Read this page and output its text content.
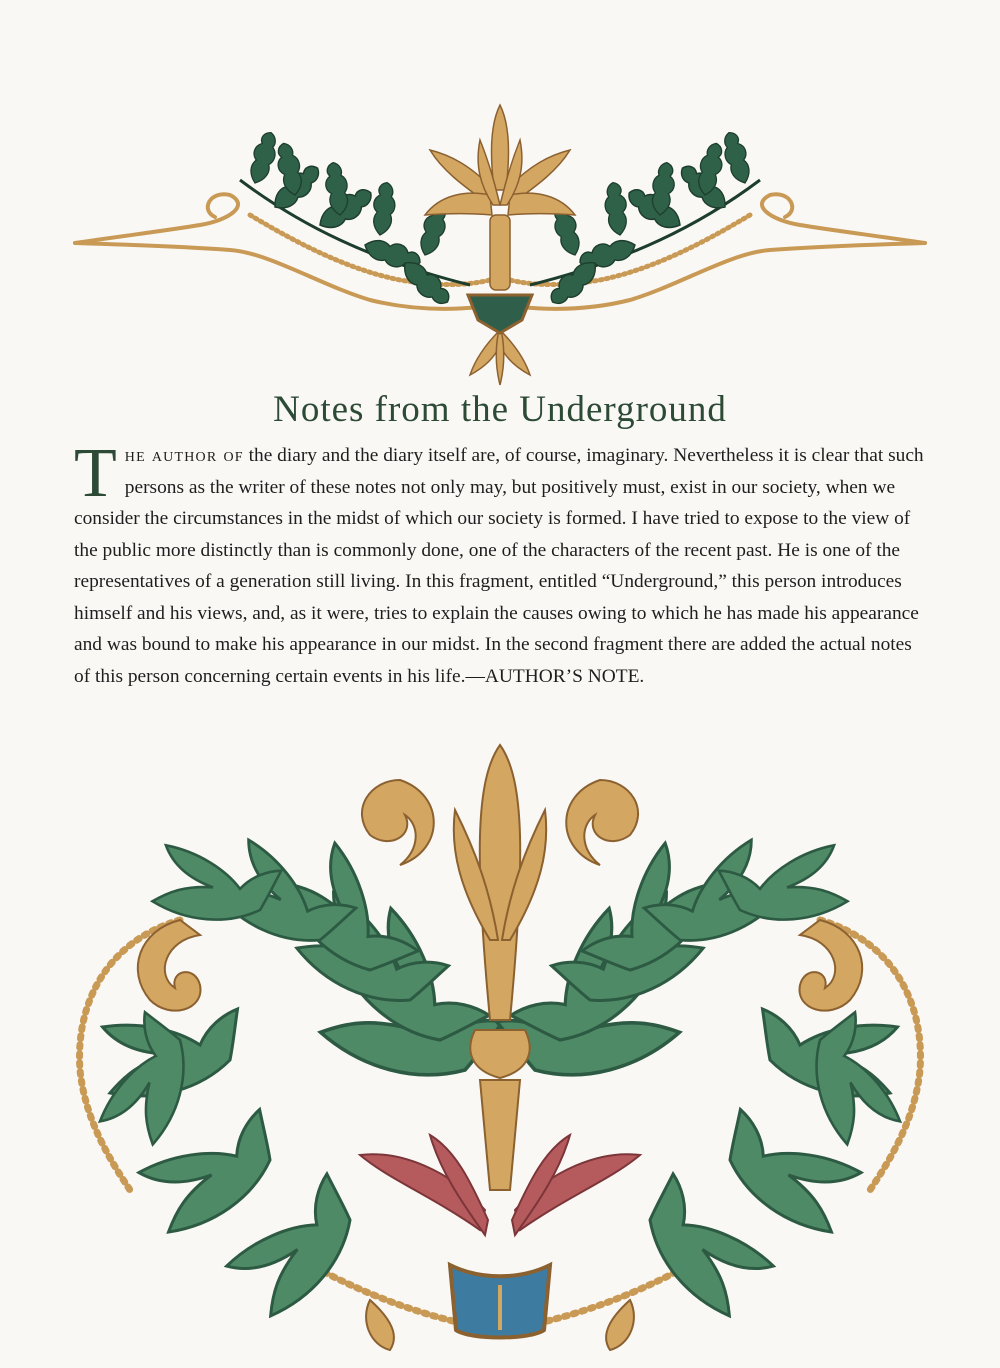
Notes from the Underground

The author of the diary and the diary itself are, of course, imaginary. Nevertheless it is clear that such persons as the writer of these notes not only may, but positively must, exist in our society, when we consider the circumstances in the midst of which our society is formed. I have tried to expose to the view of the public more distinctly than is commonly done, one of the characters of the recent past. He is one of the representatives of a generation still living. In this fragment, entitled “Underground,” this person introduces himself and his views, and, as it were, tries to explain the causes owing to which he has made his appearance and was bound to make his appearance in our midst. In the second fragment there are added the actual notes of this person concerning certain events in his life.—AUTHOR’S NOTE.
